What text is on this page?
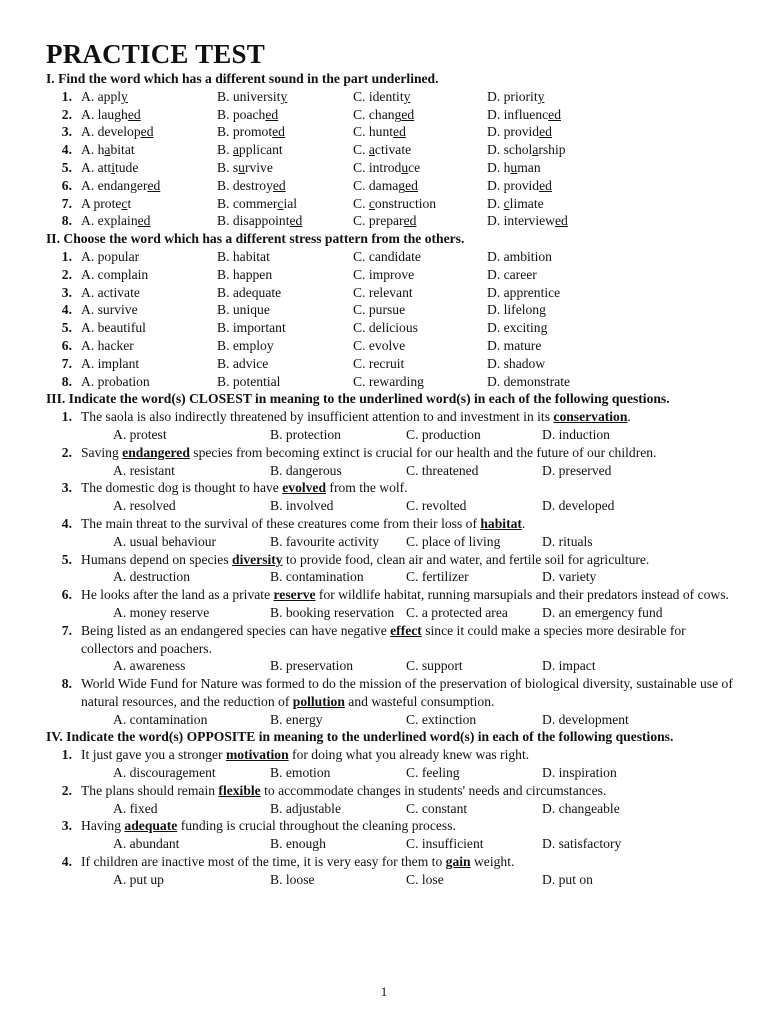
PRACTICE TEST
I. Find the word which has a different sound in the part underlined.
1. A. apply	B. university	C. identity	D. priority
2. A. laughed	B. poached	C. changed	D. influenced
3. A. developed	B. promoted	C. hunted	D. provided
4. A. habitat	B. applicant	C. activate	D. scholarship
5. A. attitude	B. survive	C. introduce	D. human
6. A. endangered	B. destroyed	C. damaged	D. provided
7. A protect	B. commercial	C. construction	D. climate
8. A. explained	B. disappointed	C. prepared	D. interviewed
II. Choose the word which has a different stress pattern from the others.
1. A. popular	B. habitat	C. candidate	D. ambition
2. A. complain	B. happen	C. improve	D. career
3. A. activate	B. adequate	C. relevant	D. apprentice
4. A. survive	B. unique	C. pursue	D. lifelong
5. A. beautiful	B. important	C. delicious	D. exciting
6. A. hacker	B. employ	C. evolve	D. mature
7. A. implant	B. advice	C. recruit	D. shadow
8. A. probation	B. potential	C. rewarding	D. demonstrate
III. Indicate the word(s) CLOSEST in meaning to the underlined word(s) in each of the following questions.
1. The saola is also indirectly threatened by insufficient attention to and investment in its conservation.
A. protest	B. protection	C. production	D. induction
2. Saving endangered species from becoming extinct is crucial for our health and the future of our children.
A. resistant	B. dangerous	C. threatened	D. preserved
3. The domestic dog is thought to have evolved from the wolf.
A. resolved	B. involved	C. revolted	D. developed
4. The main threat to the survival of these creatures come from their loss of habitat.
A. usual behaviour	B. favourite activity	C. place of living	D. rituals
5. Humans depend on species diversity to provide food, clean air and water, and fertile soil for agriculture.
A. destruction	B. contamination	C. fertilizer	D. variety
6. He looks after the land as a private reserve for wildlife habitat, running marsupials and their predators instead of cows.
A. money reserve	B. booking reservation C. a protected area	D. an emergency fund
7. Being listed as an endangered species can have negative effect since it could make a species more desirable for collectors and poachers.
A. awareness	B. preservation	C. support	D. impact
8. World Wide Fund for Nature was formed to do the mission of the preservation of biological diversity, sustainable use of natural resources, and the reduction of pollution and wasteful consumption.
A. contamination	B. energy	C. extinction	D. development
IV. Indicate the word(s) OPPOSITE in meaning to the underlined word(s) in each of the following questions.
1. It just gave you a stronger motivation for doing what you already knew was right.
A. discouragement	B. emotion	C. feeling	D. inspiration
2. The plans should remain flexible to accommodate changes in students' needs and circumstances.
A. fixed	B. adjustable	C. constant	D. changeable
3. Having adequate funding is crucial throughout the cleaning process.
A. abundant	B. enough	C. insufficient	D. satisfactory
4. If children are inactive most of the time, it is very easy for them to gain weight.
A. put up	B. loose	C. lose	D. put on
1
